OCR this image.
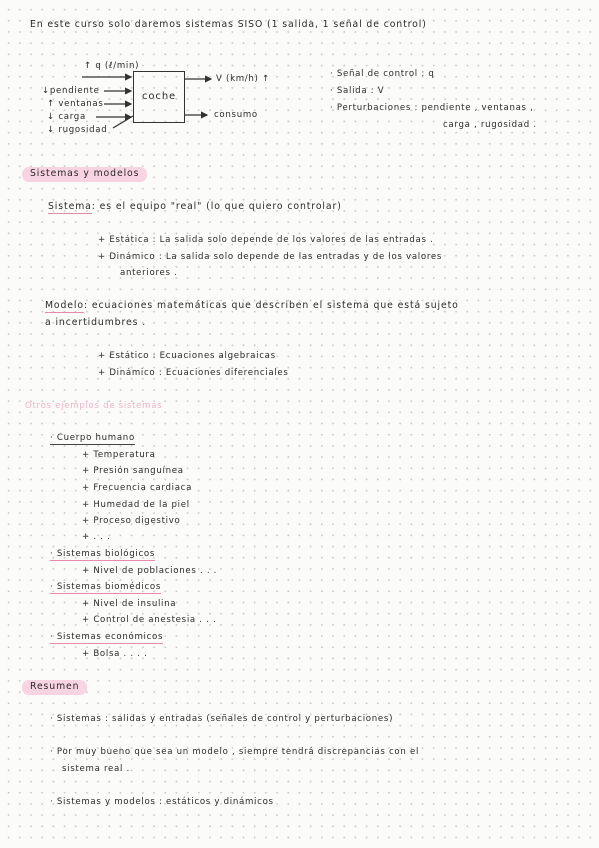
En este curso solo daremos sistemas SISO (1 salida, 1 señal de control)
coche
↑ q (ℓ/min)
↓pendiente
↑ ventanas
↓ carga
↓ rugosidad
V (km/h) ↑
consumo
· Señal de control : q
· Salida : V
· Perturbaciones : pendiente , ventanas ,
carga , rugosidad .
Sistemas y modelos
Sistema: es el equipo "real" (lo que quiero controlar)
+ Estática : La salida solo depende de los valores de las entradas .
+ Dinámico : La salida solo depende de las entradas y de los valores
anteriores .
Modelo: ecuaciones matemáticas que describen el sistema que está sujeto
a incertidumbres .
+ Estático : Ecuaciones algebraicas
+ Dinámico : Ecuaciones diferenciales
Otros ejemplos de sistemas
· Cuerpo humano
+ Temperatura
+ Presión sanguínea
+ Frecuencia cardiaca
+ Humedad de la piel
+ Proceso digestivo
+ . . .
· Sistemas biológicos
+ Nivel de poblaciones . . .
· Sistemas biomédicos
+ Nivel de insulina
+ Control de anestesia . . .
· Sistemas económicos
+ Bolsa . . . .
Resumen
· Sistemas : salidas y entradas (señales de control y perturbaciones)
· Por muy bueno que sea un modelo , siempre tendrá discrepancias con el
sistema real .
· Sistemas y modelos : estáticos y dinámicos
